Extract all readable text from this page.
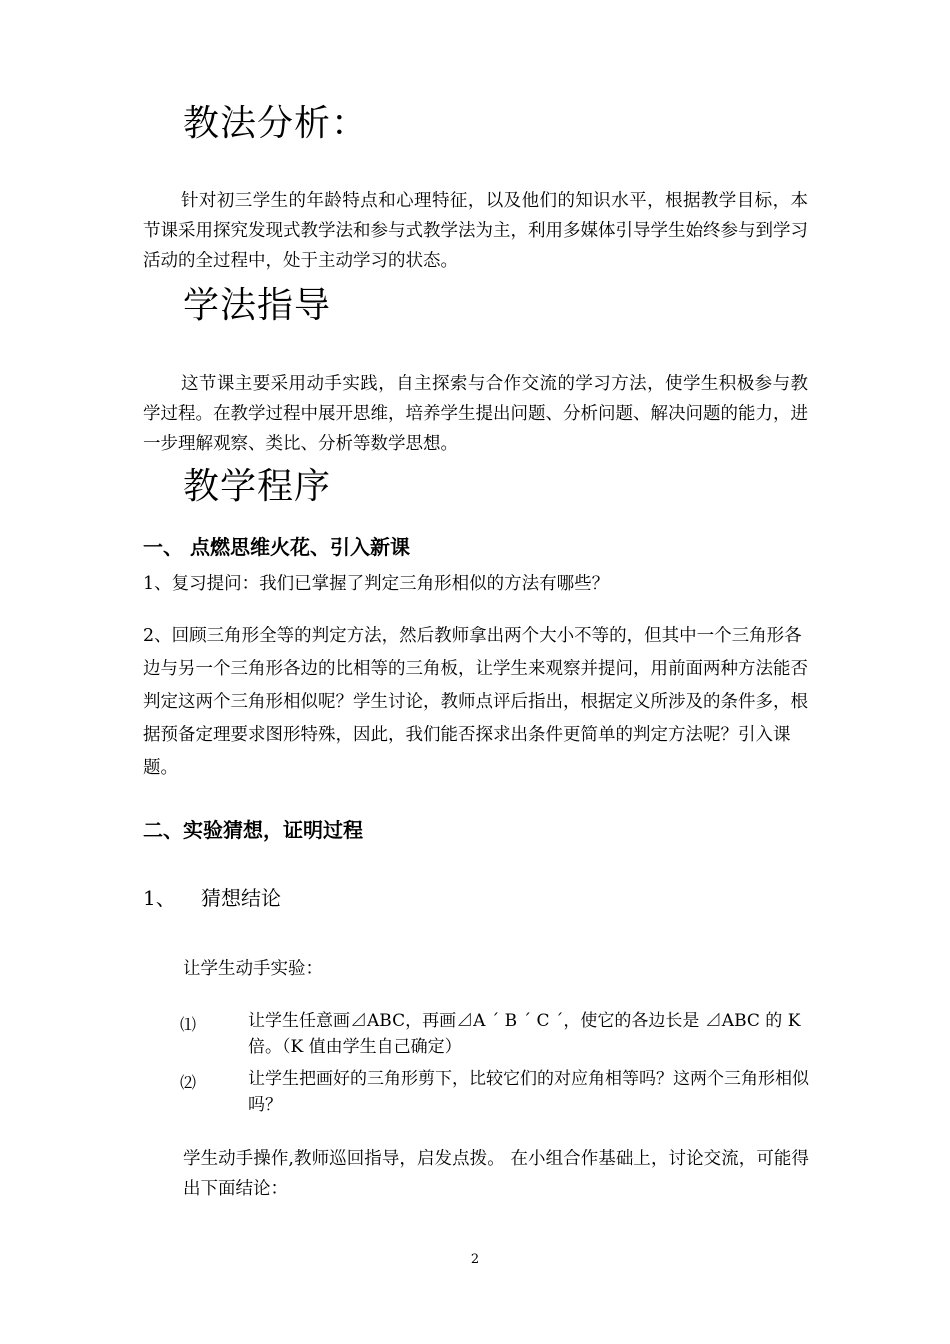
教法分析：

针对初三学生的年龄特点和心理特征，以及他们的知识水平，根据教学目标，本节课采用探究发现式教学法和参与式教学法为主，利用多媒体引导学生始终参与到学习活动的全过程中，处于主动学习的状态。

学法指导

这节课主要采用动手实践，自主探索与合作交流的学习方法，使学生积极参与教学过程。在教学过程中展开思维，培养学生提出问题、分析问题、解决问题的能力，进一步理解观察、类比、分析等数学思想。

教学程序
一、 点燃思维火花、引入新课

1、复习提问：我们已掌握了判定三角形相似的方法有哪些？

2、回顾三角形全等的判定方法，然后教师拿出两个大小不等的，但其中一个三角形各边与另一个三角形各边的比相等的三角板，让学生来观察并提问，用前面两种方法能否判定这两个三角形相似呢？学生讨论，教师点评后指出，根据定义所涉及的条件多，根据预备定理要求图形特殊，因此，我们能否探求出条件更简单的判定方法呢？引入课题。

二、实验猜想，证明过程
1、 猜想结论

让学生动手实验：

⑴	让学生任意画⊿ABC，再画⊿A ´ B ´ C ´，使它的各边长是 ⊿ABC 的 K 倍。（K 值由学生自己确定）

⑵	让学生把画好的三角形剪下，比较它们的对应角相等吗？这两个三角形相似吗？

学生动手操作,教师巡回指导，启发点拨。 在小组合作基础上，讨论交流，可能得出下面结论：

2
